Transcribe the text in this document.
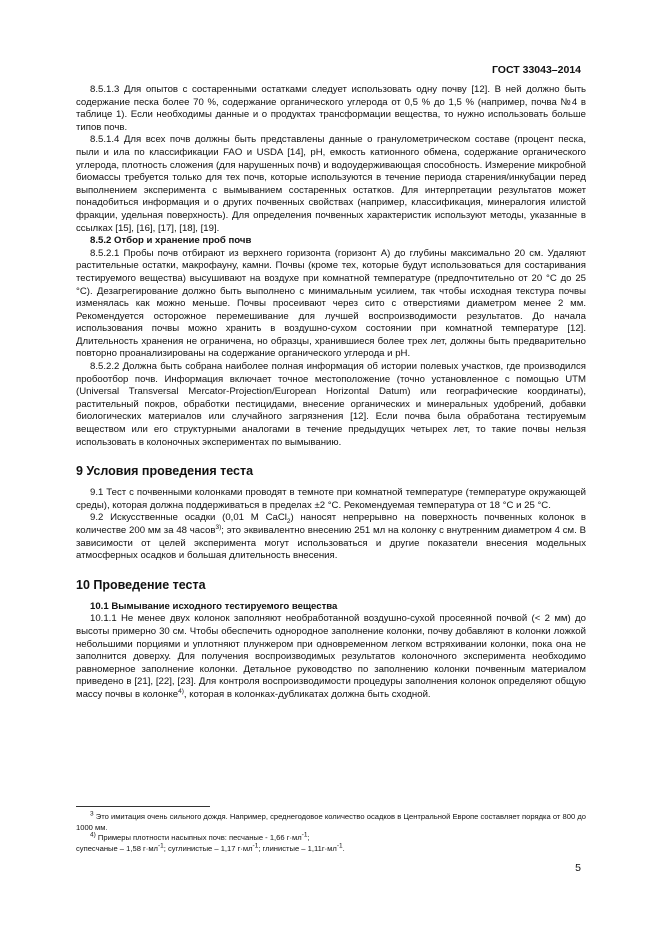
ГОСТ 33043–2014

8.5.1.3 Для опытов с состаренными остатками следует использовать одну почву [12]. В ней должно быть содержание песка более 70 %, содержание органического углерода от 0,5 % до 1,5 % (например, почва №4 в таблице 1). Если необходимы данные и о продуктах трансформации вещества, то нужно использовать больше типов почв.

8.5.1.4 Для всех почв должны быть представлены данные о гранулометрическом составе (процент песка, пыли и ила по классификации FAO и USDA [14], pH, емкость катионного обмена, содержание органического углерода, плотность сложения (для нарушенных почв) и водоудерживающая способность. Измерение микробной биомассы требуется только для тех почв, которые используются в течение периода старения/инкубации перед выполнением эксперимента с вымыванием состаренных остатков. Для интерпретации результатов может понадобиться информация и о других почвенных свойствах (например, классификация, минералогия илистой фракции, удельная поверхность). Для определения почвенных характеристик используют методы, указанные в ссылках [15], [16], [17], [18], [19].

8.5.2 Отбор и хранение проб почв

8.5.2.1 Пробы почв отбирают из верхнего горизонта (горизонт А) до глубины максимально 20 см. Удаляют растительные остатки, макрофауну, камни. Почвы (кроме тех, которые будут использоваться для состаривания тестируемого вещества) высушивают на воздухе при комнатной температуре (предпочтительно от 20 °С до 25 °С). Дезагрегирование должно быть выполнено с минимальным усилием, так чтобы исходная текстура почвы изменялась как можно меньше. Почвы просеивают через сито с отверстиями диаметром менее 2 мм. Рекомендуется осторожное перемешивание для лучшей воспроизводимости результатов. До начала использования почвы можно хранить в воздушно-сухом состоянии при комнатной температуре [12]. Длительность хранения не ограничена, но образцы, хранившиеся более трех лет, должны быть предварительно повторно проанализированы на содержание органического углерода и pH.

8.5.2.2 Должна быть собрана наиболее полная информация об истории полевых участков, где производился пробоотбор почв. Информация включает точное местоположение (точно установленное с помощью UTM (Universal Transversal Mercator-Projection/European Horizontal Datum) или географические координаты), растительный покров, обработки пестицидами, внесение органических и минеральных удобрений, добавки биологических материалов или случайного загрязнения [12]. Если почва была обработана тестируемым веществом или его структурными аналогами в течение предыдущих четырех лет, то такие почвы нельзя использовать в колоночных экспериментах по вымыванию.

9 Условия проведения теста

9.1 Тест с почвенными колонками проводят в темноте при комнатной температуре (температуре окружающей среды), которая должна поддерживаться в пределах ±2 °С. Рекомендуемая температура от 18 °С и 25 °С.

9.2 Искусственные осадки (0,01 М CaCl$_2$) наносят непрерывно на поверхность почвенных колонок в количестве 200 мм за 48 часов$^{3)}$; это эквивалентно внесению 251 мл на колонку с внутренним диаметром 4 см. В зависимости от целей эксперимента могут использоваться и другие показатели внесения модельных атмосферных осадков и большая длительность внесения.

10 Проведение теста

10.1 Вымывание исходного тестируемого вещества

10.1.1 Не менее двух колонок заполняют необработанной воздушно-сухой просеянной почвой (< 2 мм) до высоты примерно 30 см. Чтобы обеспечить однородное заполнение колонки, почву добавляют в колонки ложкой небольшими порциями и уплотняют плунжером при одновременном легком встряхивании колонки, пока она не заполнится доверху. Для получения воспроизводимых результатов колоночного эксперимента необходимо равномерное заполнение колонки. Детальное руководство по заполнению колонки почвенным материалом приведено в [21], [22], [23]. Для контроля воспроизводимости процедуры заполнения колонок определяют общую массу почвы в колонке$^{4)}$, которая в колонках-дубликатах должна быть сходной.

$^3$ Это имитация очень сильного дождя. Например, среднегодовое количество осадков в Центральной Европе составляет порядка от 800 до 1000 мм.

$^{4)}$ Примеры плотности насыпных почв: песчаные - 1,66 $г\cdot мл^{-1}$;

супесчаные – 1,58 $г\cdot мл^{-1}$; суглинистые – 1,17 $г\cdot мл^{-1}$; глинистые – $1,11г\cdot мл^{-1}$.

5
